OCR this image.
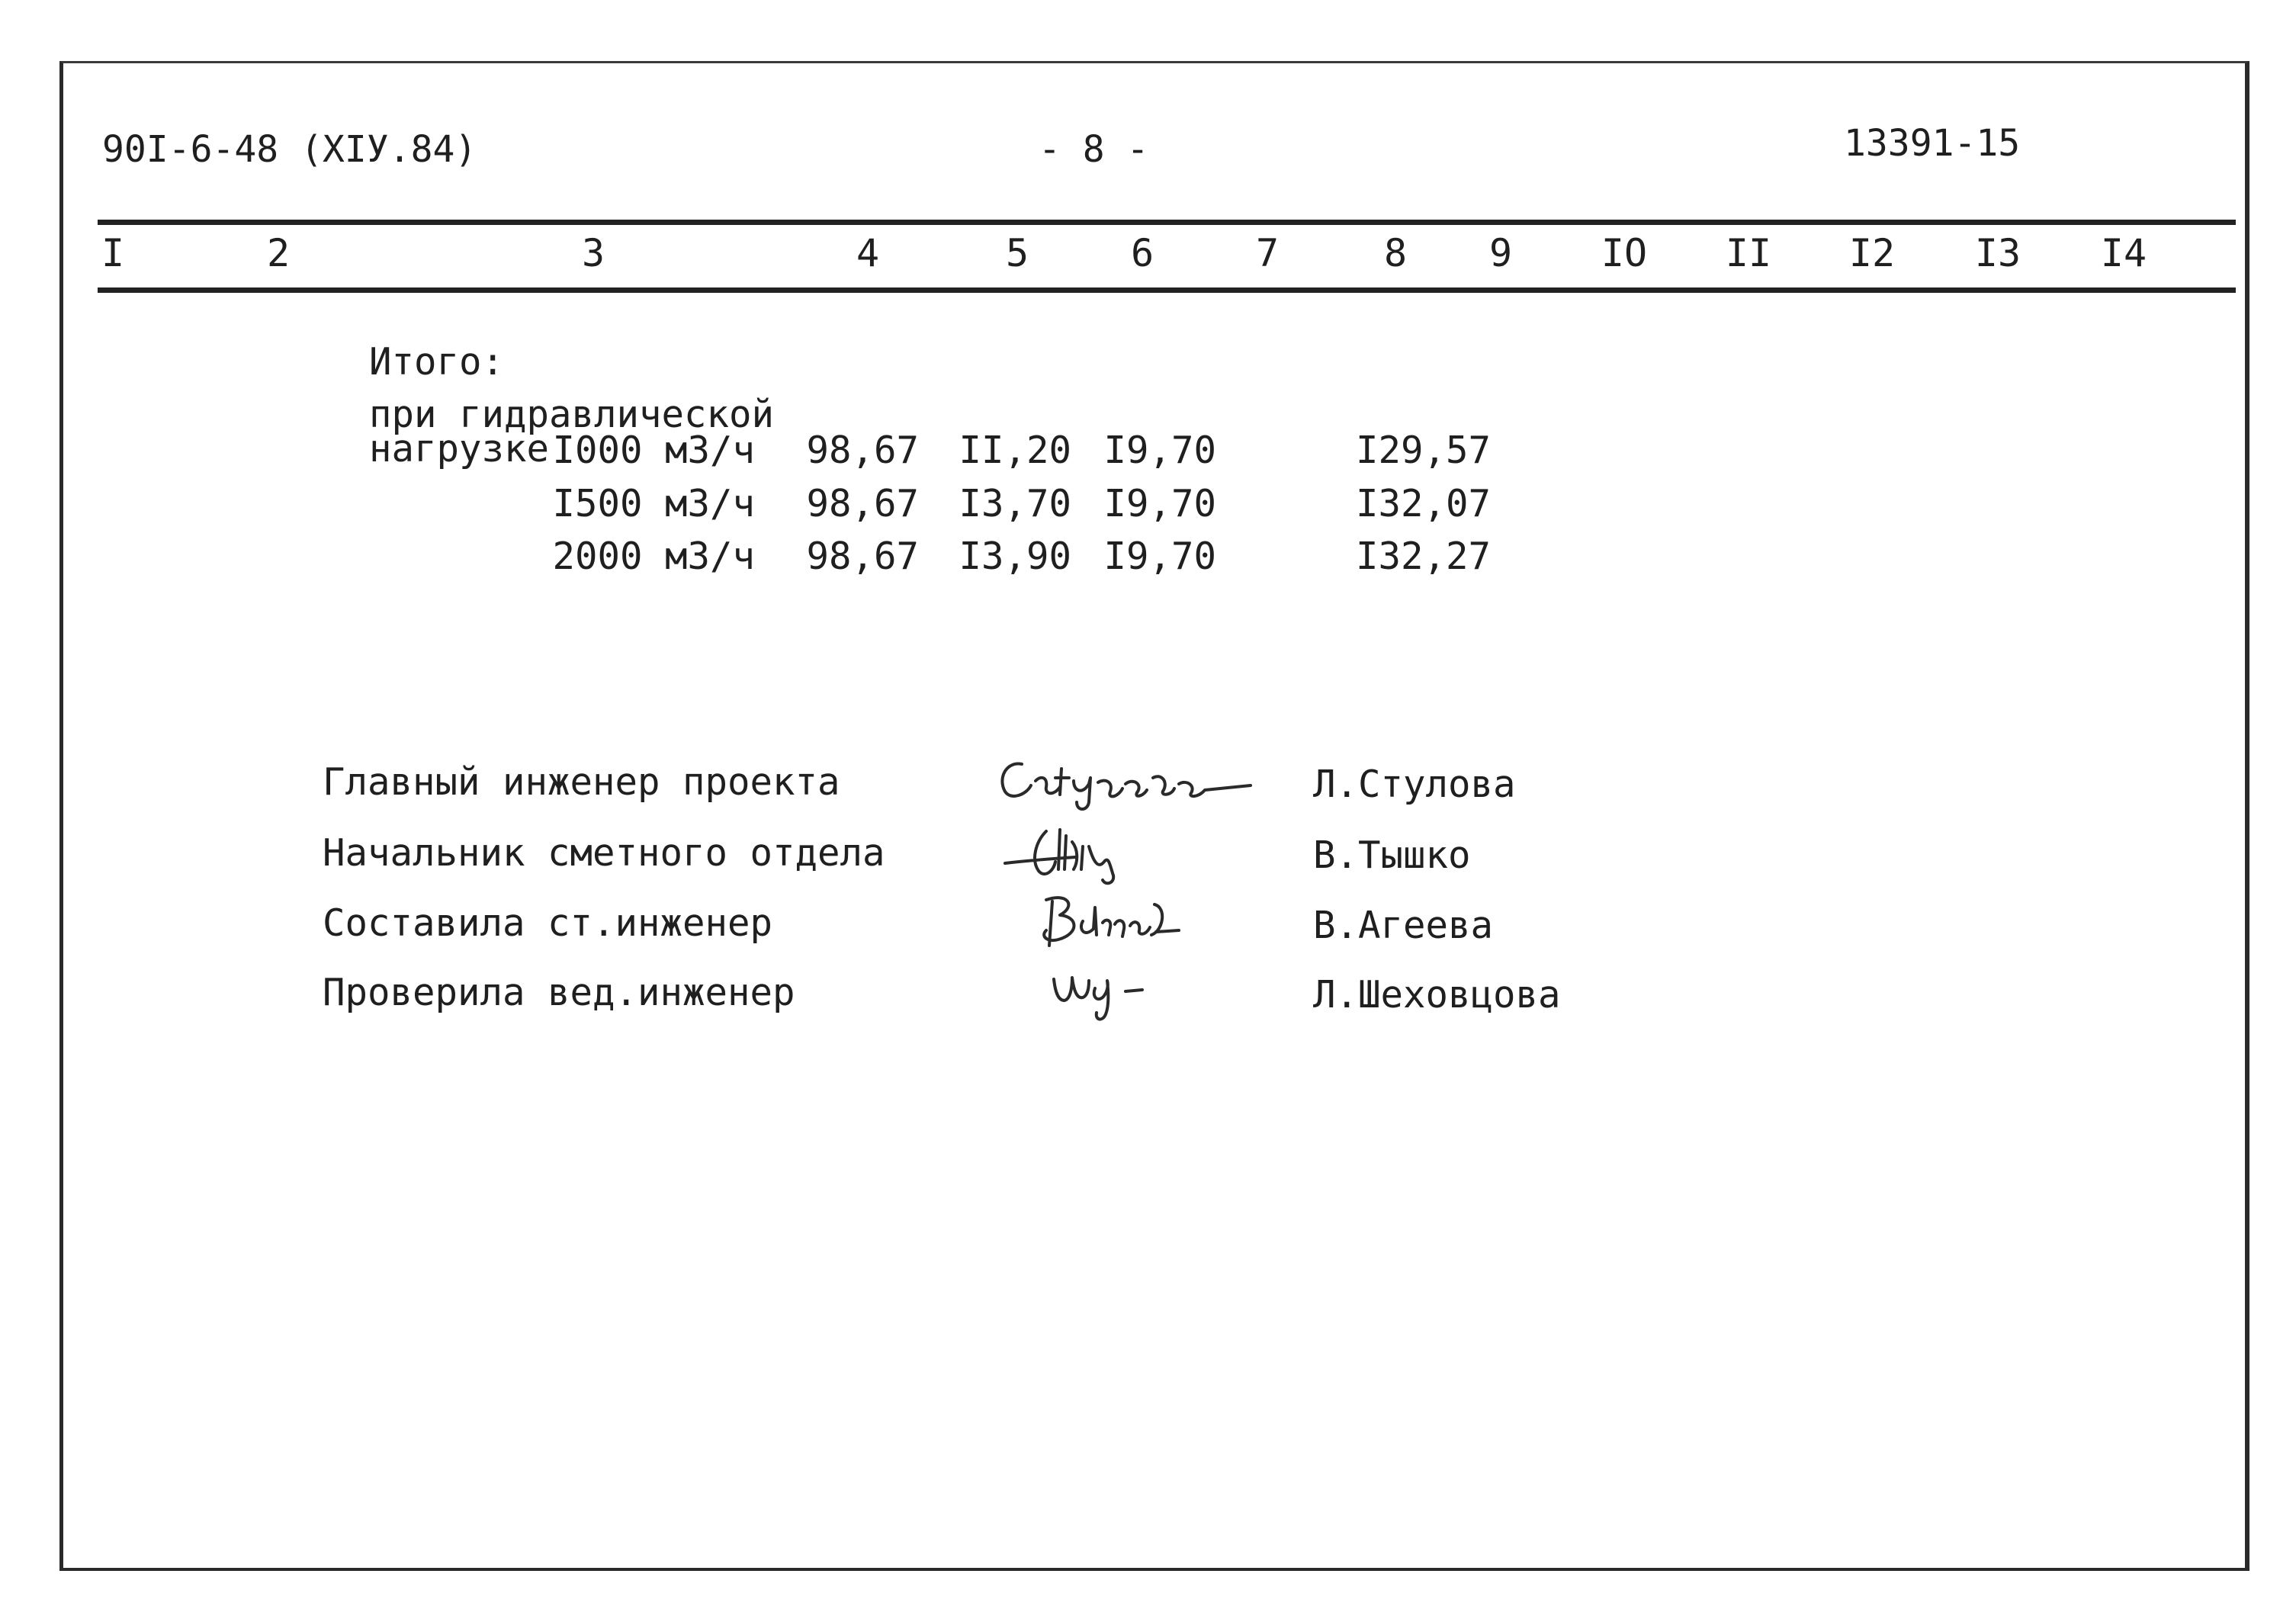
90I-6-48 (XIУ.84)	- 8 -	13391-15
I	2	3	4	5	6	7	8 9 IO II I2 I3 I4
Итого:
при гидравлической
нагрузке I000 м3/ч	98,67	II,20 I9,70	I29,57
I500 м3/ч	98,67	I3,70 I9,70	I32,07
2000 м3/ч	98,67	I3,90 I9,70	I32,27
Главный инженер проекта	Л.Стулова
Начальник сметного отдела	В.Тышко
Составила ст.инженер	В.Агеева
Проверила вед.инженер	Л.Шеховцова
